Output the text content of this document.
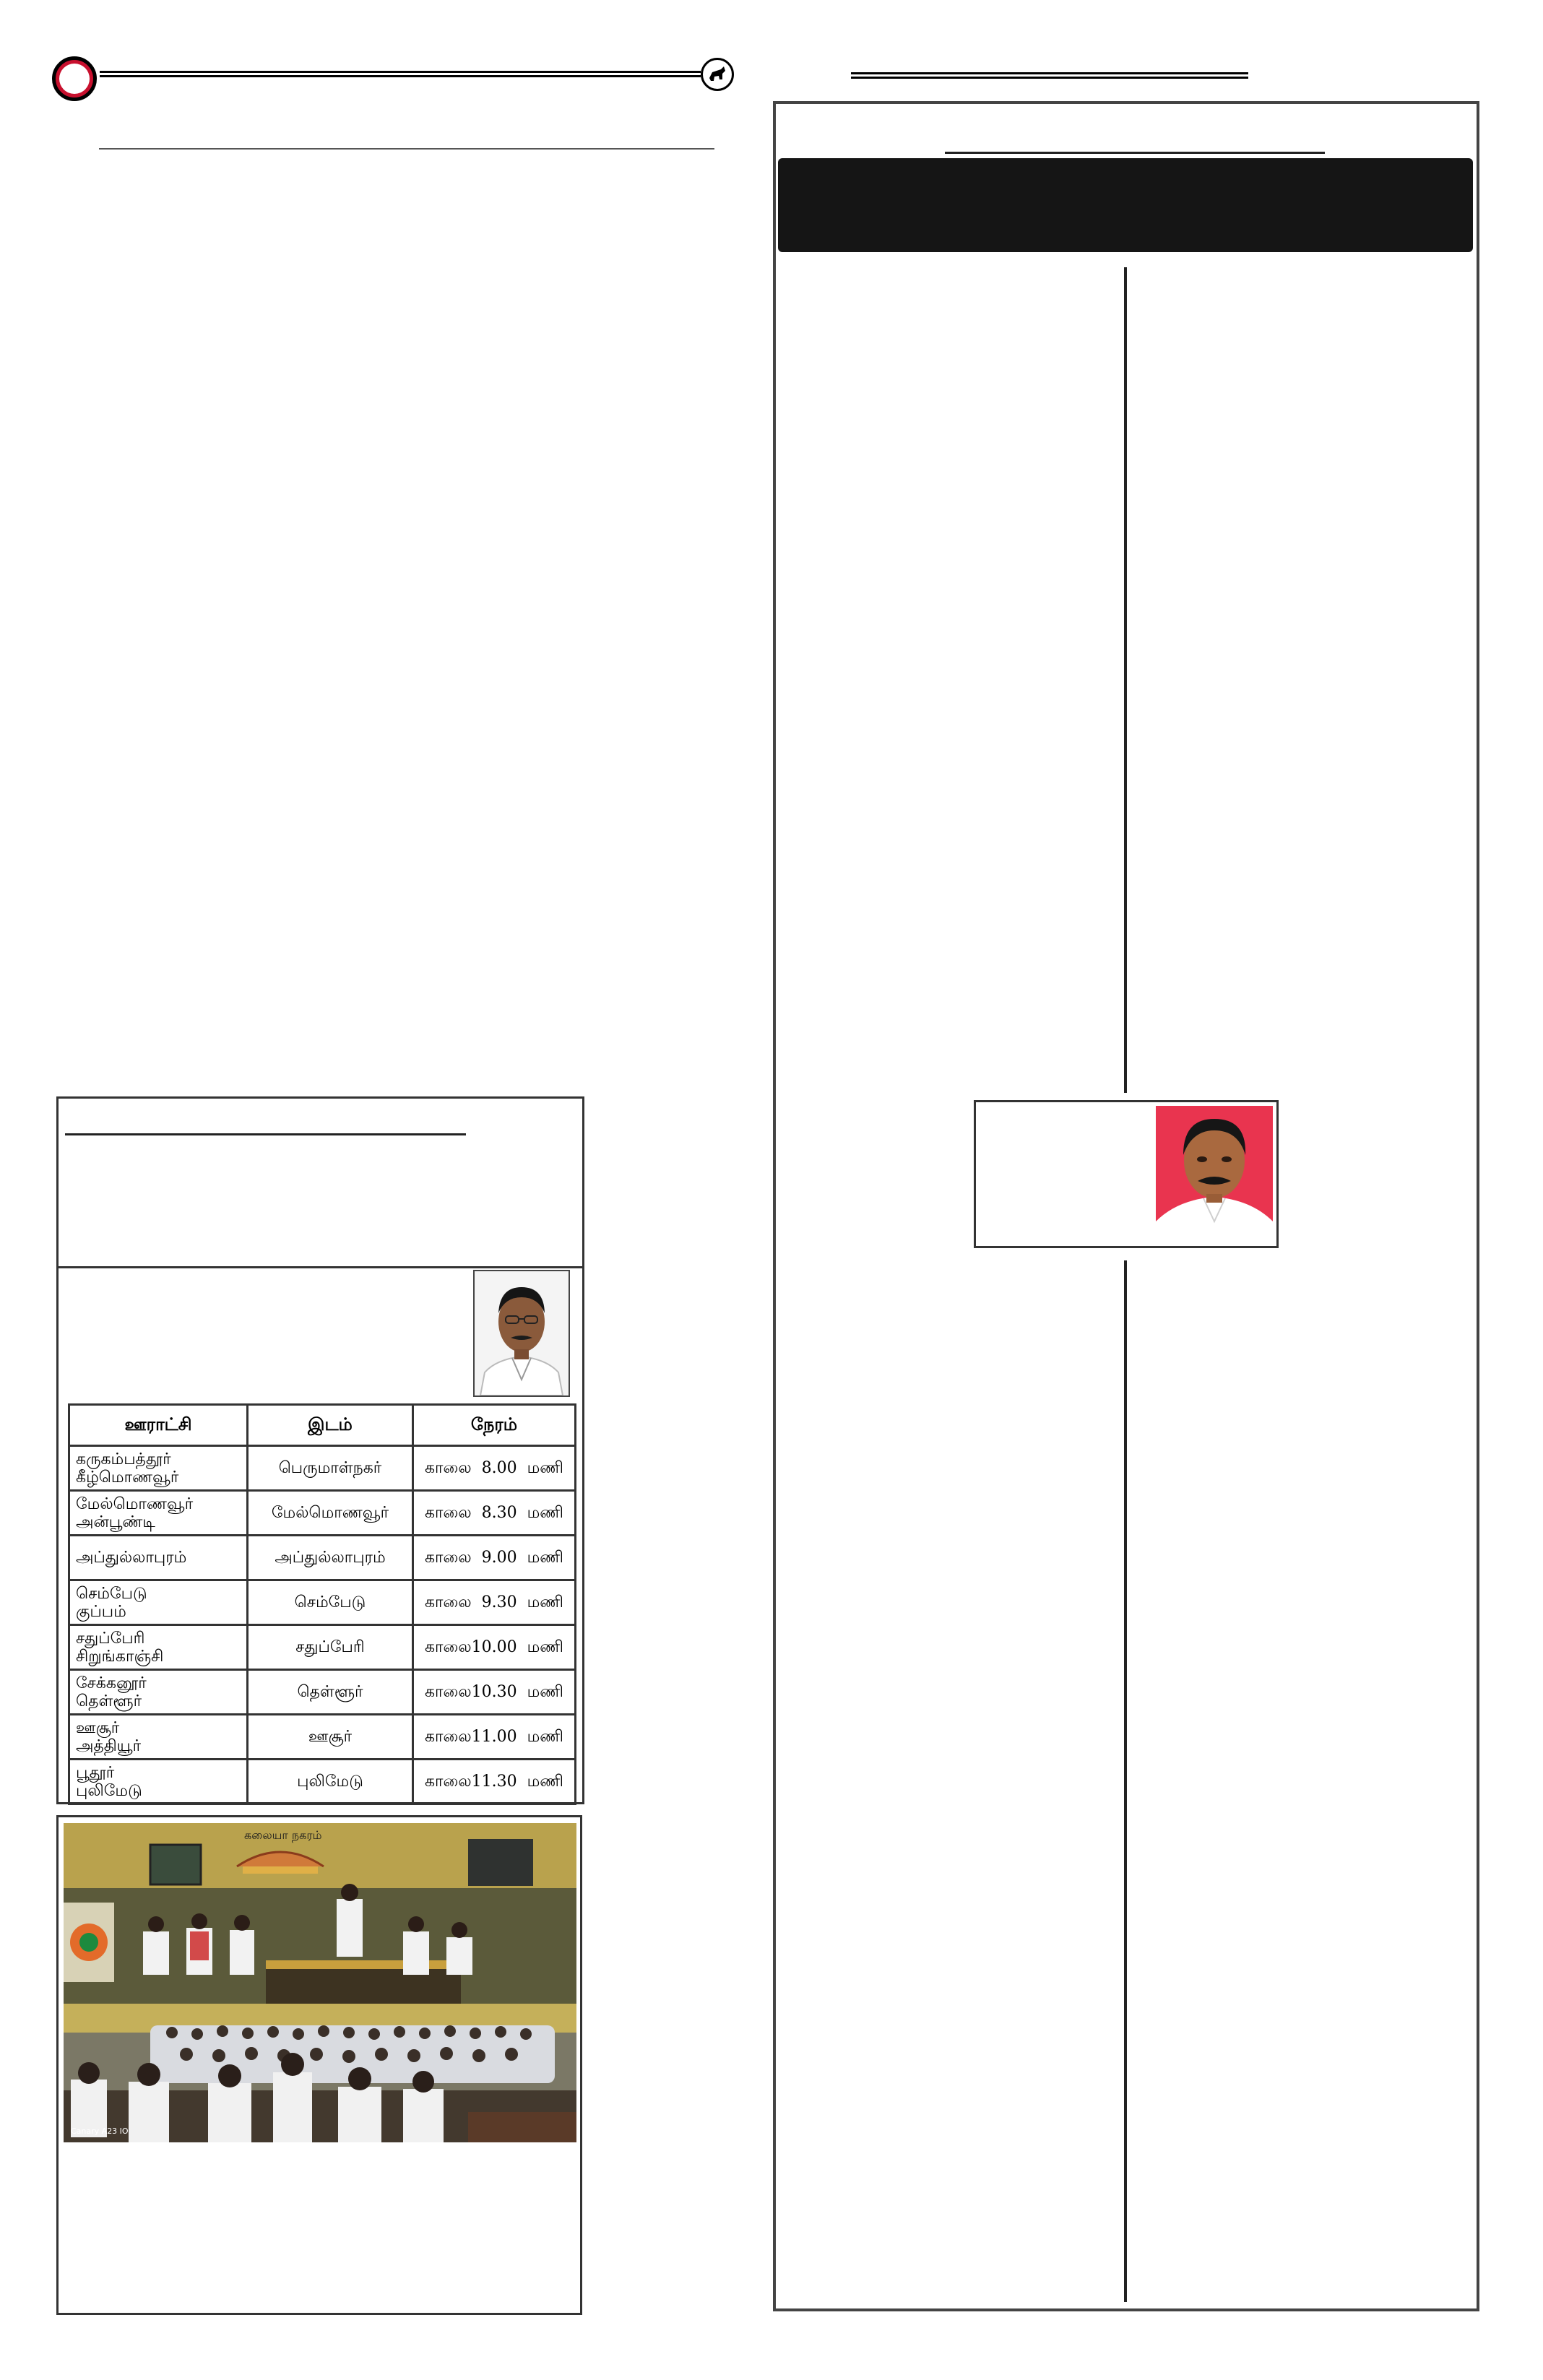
ஊராட்சி	இடம்	நேரம்
கருகம்பத்தூர்
கீழ்மொணவூர்	பெருமாள்நகர்	காலை  8.00  மணி
மேல்மொணவூர்
அன்பூண்டி	மேல்மொணவூர்	காலை  8.30  மணி
அப்துல்லாபுரம்	அப்துல்லாபுரம்	காலை  9.00  மணி
செம்பேடு
குப்பம்	செம்பேடு	காலை  9.30  மணி
சதுப்பேரி
சிறுங்காஞ்சி	சதுப்பேரி	காலை10.00  மணி
சேக்கனூர்
தெள்ளூர்	தெள்ளூர்	காலை10.30  மணி
ஊசூர்
அத்தியூர்	ஊசூர்	காலை11.00  மணி
பூதூர்
புலிமேடு	புலிமேடு	காலை11.30  மணி
கலையா நகரம்
Canary A23 IO
